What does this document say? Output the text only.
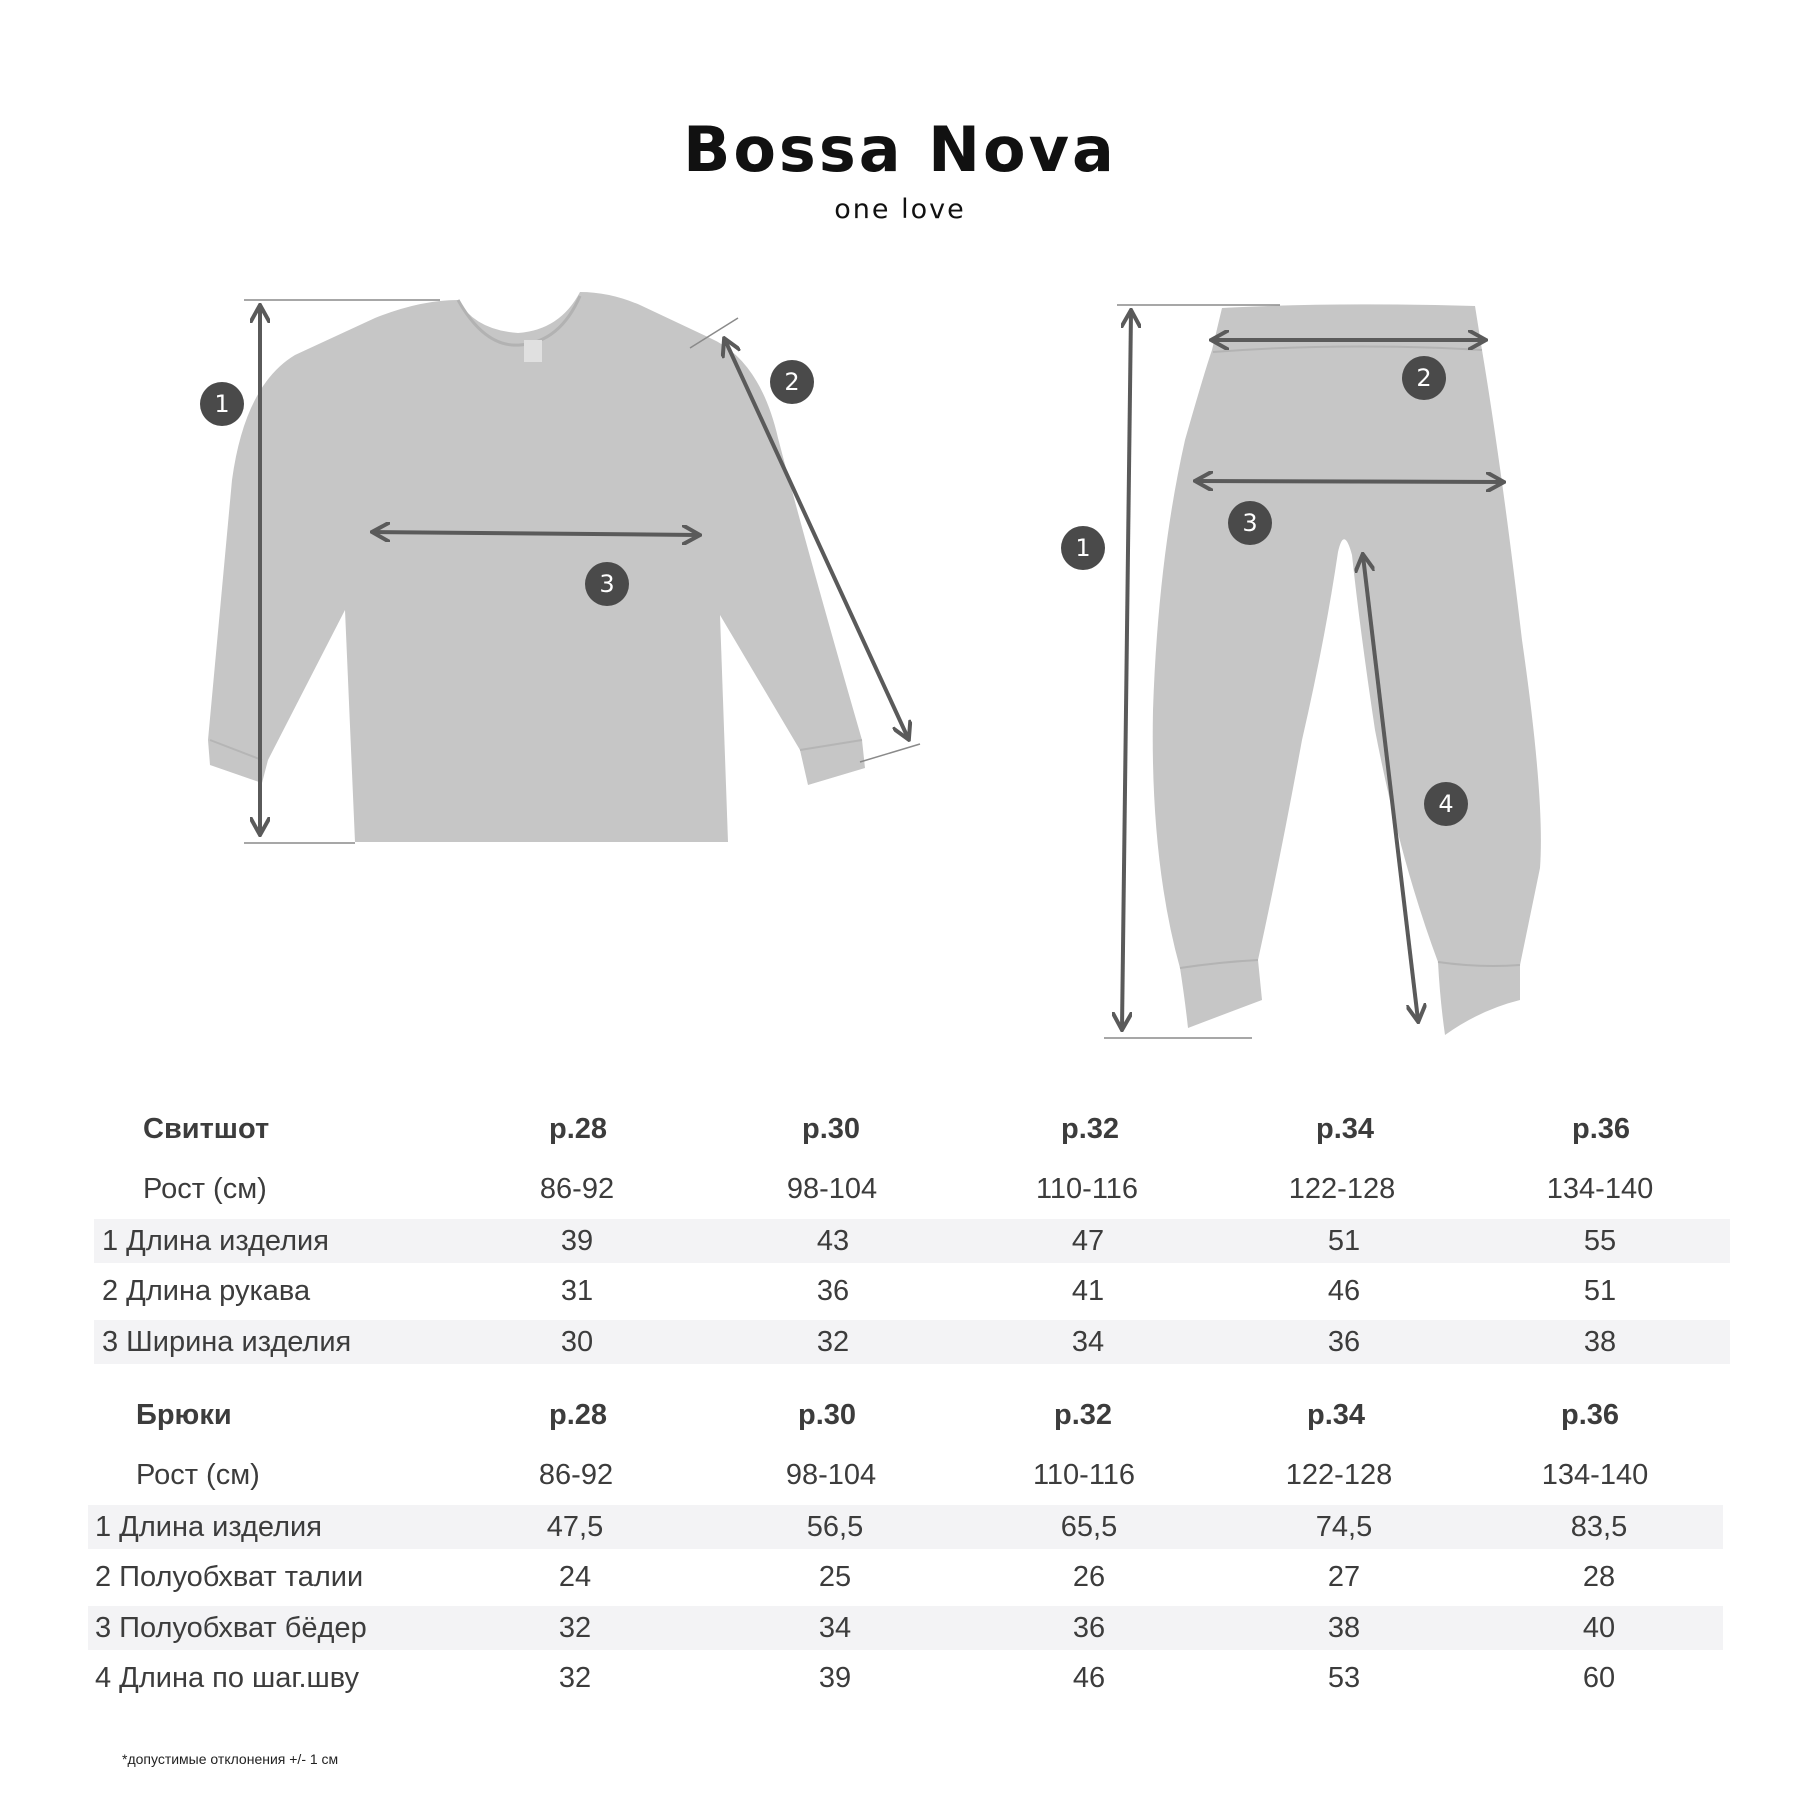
Bossa Nova
one love
1
2
3
1
2
3
4
Свитшот	р.28	р.30	р.32	р.34	р.36
Рост (см)	86-92	98-104	110-116	122-128	134-140
1 Длина изделия	39	43	47	51	55
2 Длина рукава	31	36	41	46	51
3 Ширина изделия	30	32	34	36	38
Брюки	р.28	р.30	р.32	р.34	р.36
Рост (см)	86-92	98-104	110-116	122-128	134-140
1 Длина изделия	47,5	56,5	65,5	74,5	83,5
2 Полуобхват талии	24	25	26	27	28
3 Полуобхват бёдер	32	34	36	38	40
4 Длина по шаг.шву	32	39	46	53	60
*допустимые отклонения +/- 1 см
